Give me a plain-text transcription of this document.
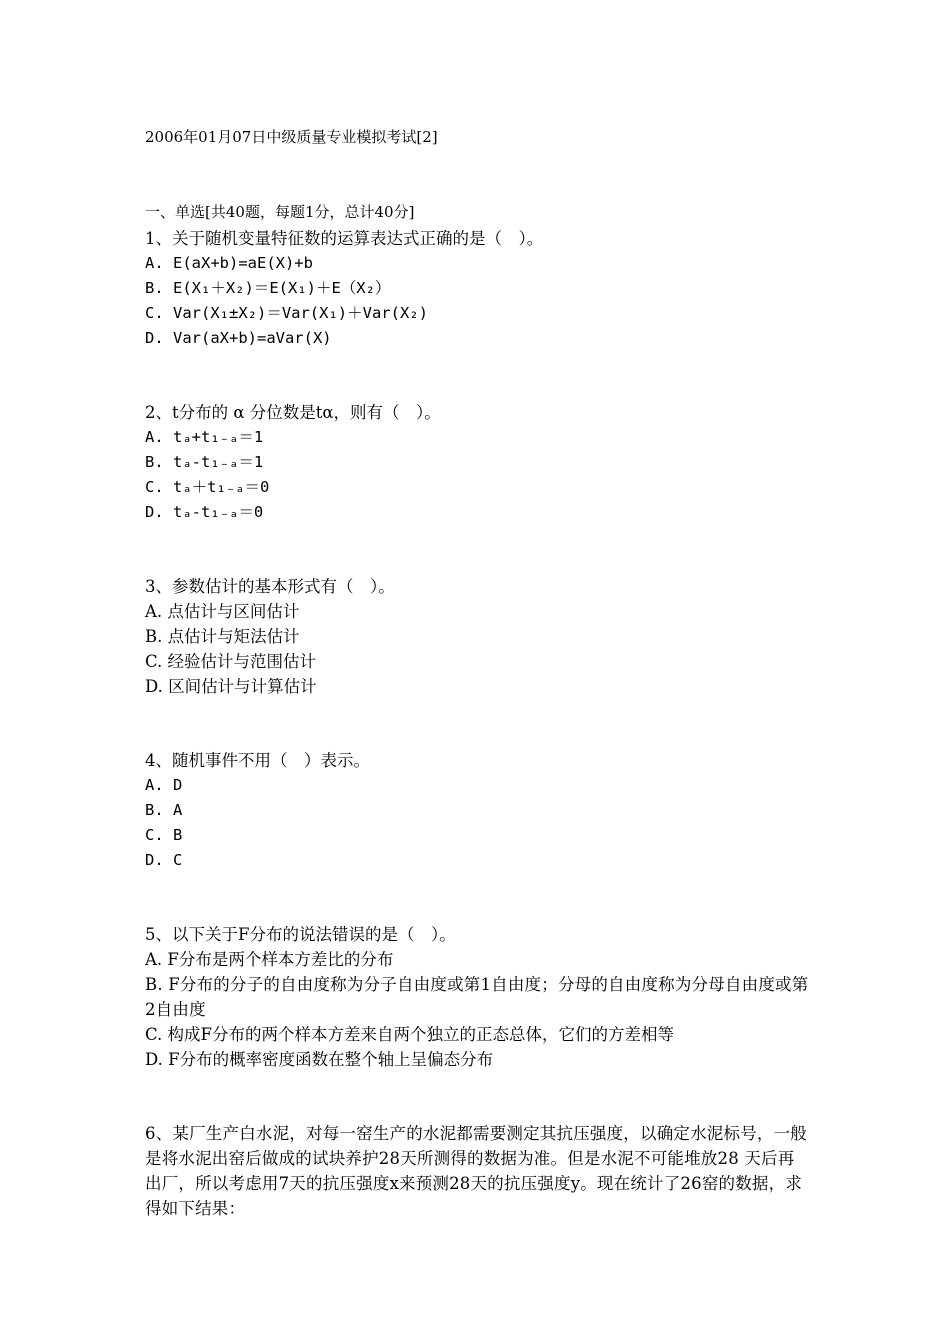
2006年01月07日中级质量专业模拟考试[2]
一、单选[共40题，每题1分，总计40分]
1、关于随机变量特征数的运算表达式正确的是（　）。
A. E(aX+b)=aE(X)+b
B. E(X₁＋X₂)＝E(X₁)＋E（X₂）
C. Var(X₁±X₂)＝Var(X₁)＋Var(X₂)
D. Var(aX+b)=aVar(X)
2、t分布的 α 分位数是tα，则有（　）。
A. tₐ+t₁₋ₐ＝1
B. tₐ-t₁₋ₐ＝1
C. tₐ＋t₁₋ₐ＝0
D. tₐ-t₁₋ₐ＝0
3、参数估计的基本形式有（　）。
A. 点估计与区间估计
B. 点估计与矩法估计
C. 经验估计与范围估计
D. 区间估计与计算估计
4、随机事件不用（　）表示。
A. D
B. A
C. B
D. C
5、以下关于F分布的说法错误的是（　）。
A. F分布是两个样本方差比的分布
B. F分布的分子的自由度称为分子自由度或第1自由度；分母的自由度称为分母自由度或第2自由度
C. 构成F分布的两个样本方差来自两个独立的正态总体，它们的方差相等
D. F分布的概率密度函数在整个轴上呈偏态分布
6、某厂生产白水泥，对每一窑生产的水泥都需要测定其抗压强度，以确定水泥标号，一般是将水泥出窑后做成的试块养护28天所测得的数据为准。但是水泥不可能堆放28 天后再出厂，所以考虑用7天的抗压强度x来预测28天的抗压强度y。现在统计了26窑的数据，求得如下结果：
